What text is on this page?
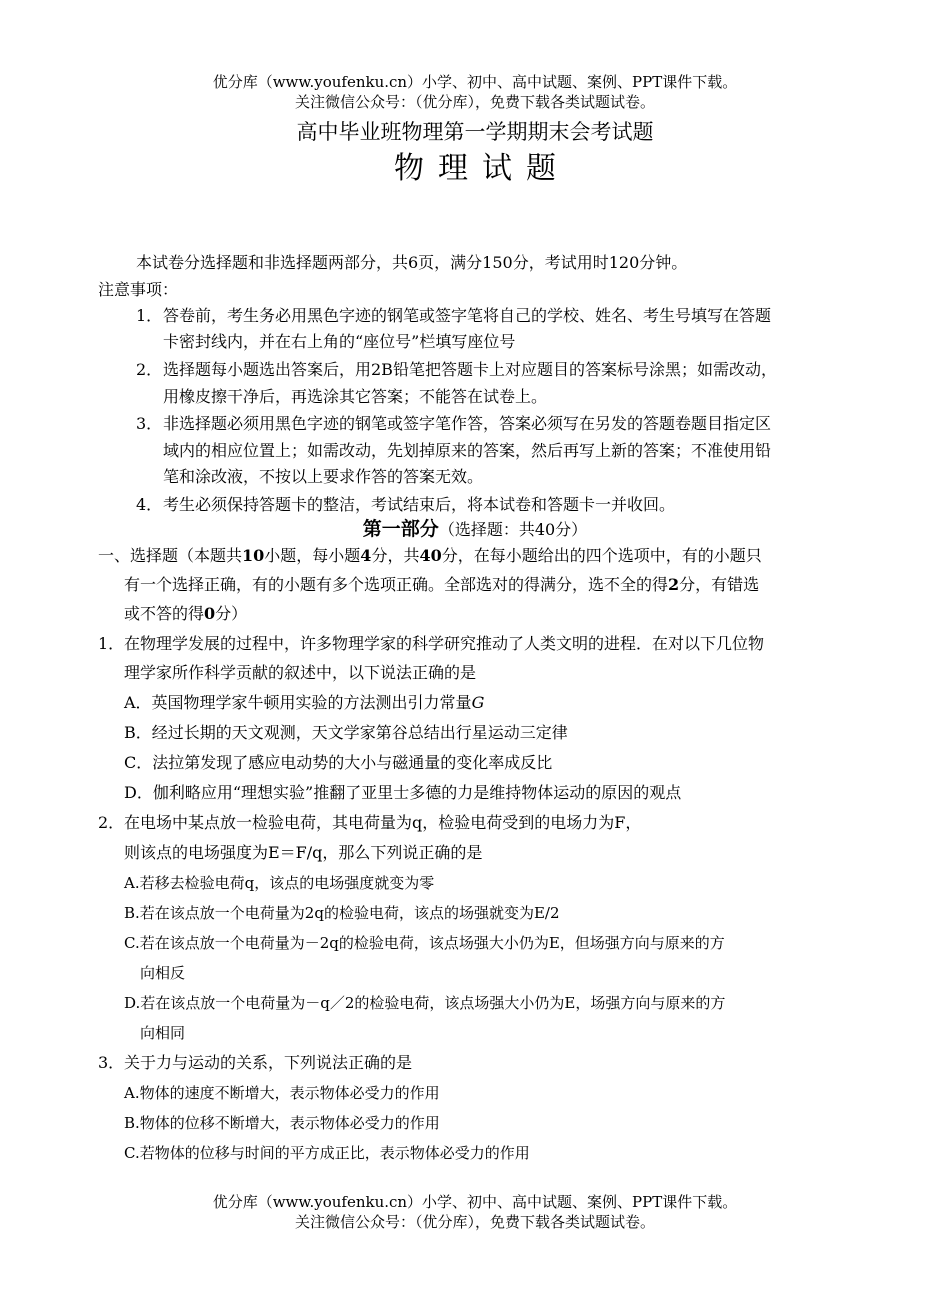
优分库（www.youfenku.cn）小学、初中、高中试题、案例、PPT课件下载。
关注微信公众号：（优分库），免费下载各类试题试卷。
高中毕业班物理第一学期期末会考试题
物理试题
本试卷分选择题和非选择题两部分，共6页，满分150分，考试用时120分钟。
注意事项：
1． 答卷前，考生务必用黑色字迹的钢笔或签字笔将自己的学校、姓名、考生号填写在答题
卡密封线内，并在右上角的“座位号”栏填写座位号
2． 选择题每小题选出答案后，用2B铅笔把答题卡上对应题目的答案标号涂黑；如需改动，
用橡皮擦干净后，再选涂其它答案；不能答在试卷上。
3． 非选择题必须用黑色字迹的钢笔或签字笔作答，答案必须写在另发的答题卷题目指定区
域内的相应位置上；如需改动，先划掉原来的答案，然后再写上新的答案；不准使用铅
笔和涂改液，不按以上要求作答的答案无效。
4． 考生必须保持答题卡的整洁，考试结束后，将本试卷和答题卡一并收回。
第一部分（选择题：共40分）
一、选择题（本题共10小题，每小题4分，共40分，在每小题给出的四个选项中，有的小题只
有一个选择正确，有的小题有多个选项正确。全部选对的得满分，选不全的得2分，有错选
或不答的得0分）
1． 在物理学发展的过程中，许多物理学家的科学研究推动了人类文明的进程．在对以下几位物
理学家所作科学贡献的叙述中，以下说法正确的是
A．英国物理学家牛顿用实验的方法测出引力常量G
B．经过长期的天文观测，天文学家第谷总结出行星运动三定律
C．法拉第发现了感应电动势的大小与磁通量的变化率成反比
D．伽利略应用“理想实验”推翻了亚里士多德的力是维持物体运动的原因的观点
2． 在电场中某点放一检验电荷，其电荷量为q，检验电荷受到的电场力为F，
则该点的电场强度为E＝F/q，那么下列说正确的是
A.若移去检验电荷q，该点的电场强度就变为零
B.若在该点放一个电荷量为2q的检验电荷，该点的场强就变为E/2
C.若在该点放一个电荷量为－2q的检验电荷，该点场强大小仍为E，但场强方向与原来的方
向相反
D.若在该点放一个电荷量为－q／2的检验电荷，该点场强大小仍为E，场强方向与原来的方
向相同
3． 关于力与运动的关系，下列说法正确的是
A.物体的速度不断增大，表示物体必受力的作用
B.物体的位移不断增大，表示物体必受力的作用
C.若物体的位移与时间的平方成正比，表示物体必受力的作用
优分库（www.youfenku.cn）小学、初中、高中试题、案例、PPT课件下载。
关注微信公众号：（优分库），免费下载各类试题试卷。
